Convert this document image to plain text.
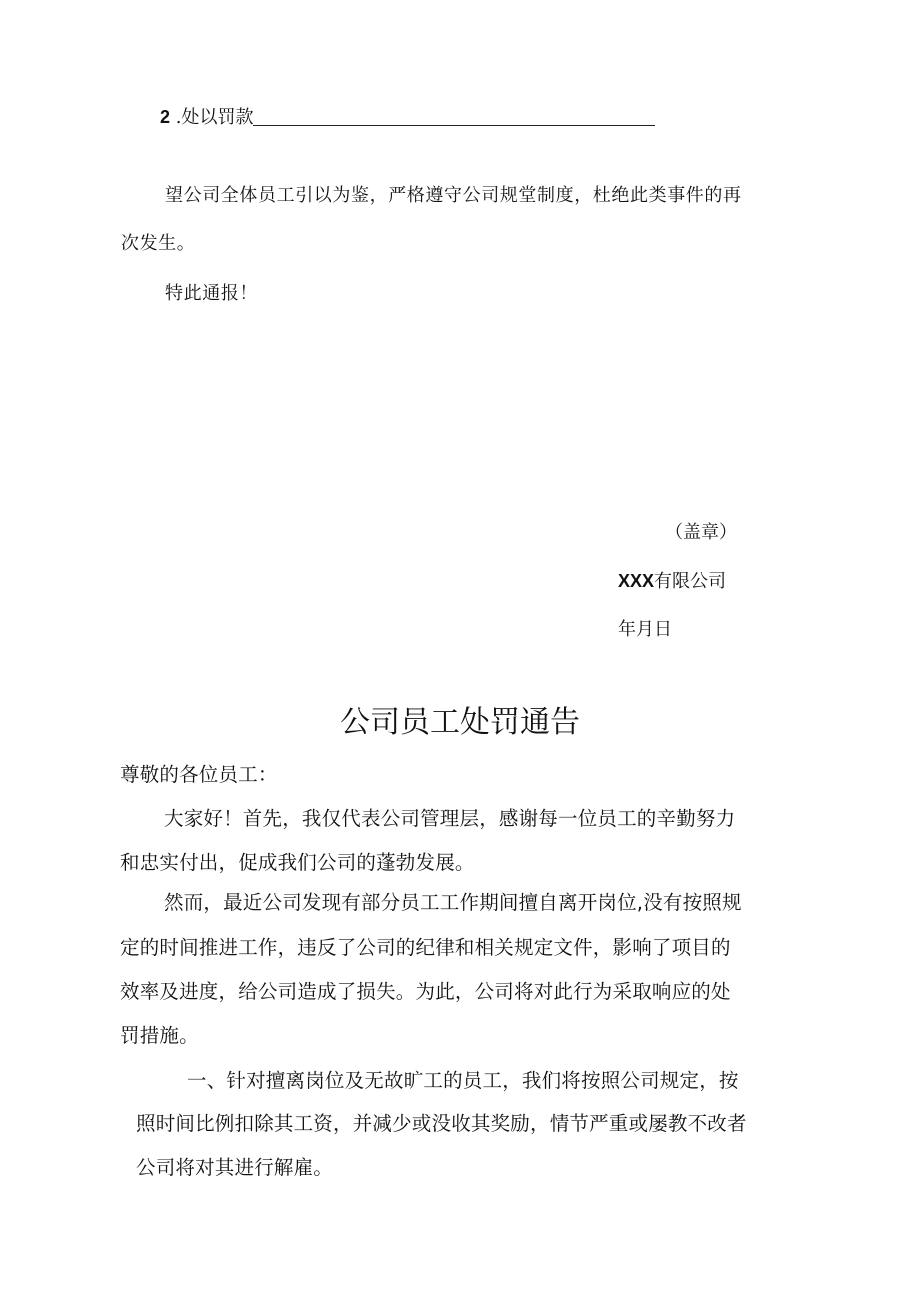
2 .处以罚款
望公司全体员工引以为鉴，严格遵守公司规堂制度，杜绝此类事件的再
次发生。
特此通报！
（盖章）
XXX有限公司
年月日
公司员工处罚通告
尊敬的各位员工：
大家好！首先，我仅代表公司管理层，感谢每一位员工的辛勤努力
和忠实付出，促成我们公司的蓬勃发展。
然而，最近公司发现有部分员工工作期间擅自离开岗位,没有按照规
定的时间推进工作，违反了公司的纪律和相关规定文件，影响了项目的
效率及进度，给公司造成了损失。为此，公司将对此行为采取响应的处
罚措施。
一、针对擅离岗位及无故旷工的员工，我们将按照公司规定，按
照时间比例扣除其工资，并减少或没收其奖励，情节严重或屡教不改者
公司将对其进行解雇。
